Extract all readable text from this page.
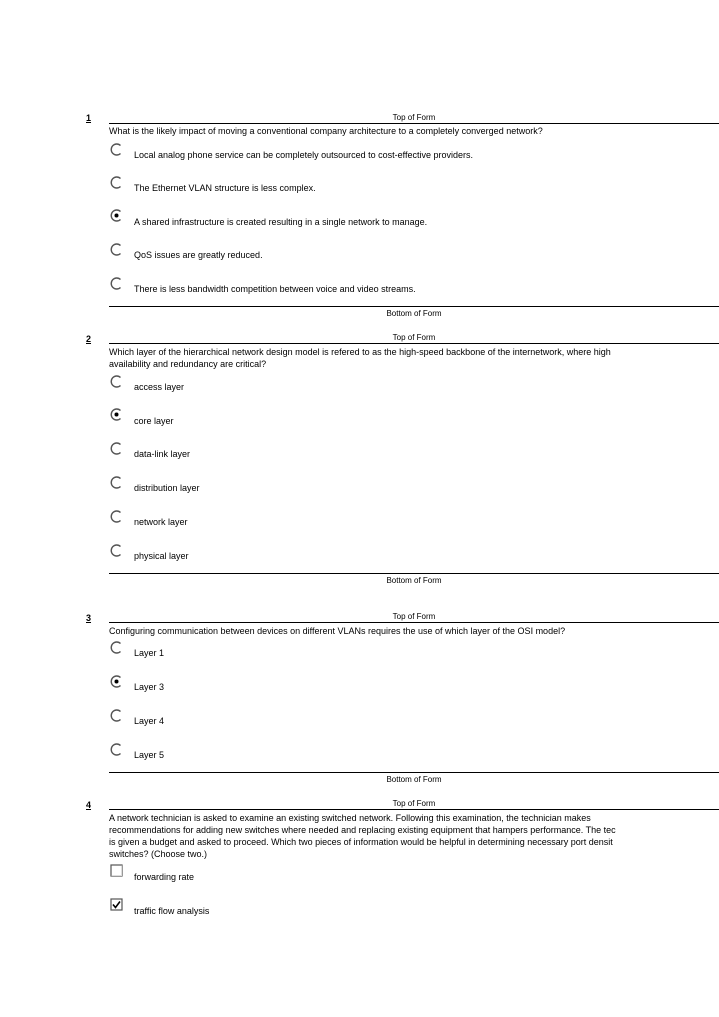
1	Top of Form
What is the likely impact of moving a conventional company architecture to a completely converged network?
Local analog phone service can be completely outsourced to cost-effective providers.
The Ethernet VLAN structure is less complex.
A shared infrastructure is created resulting in a single network to manage.
QoS issues are greatly reduced.
There is less bandwidth competition between voice and video streams.
Bottom of Form
2	Top of Form
Which layer of the hierarchical network design model is refered to as the high-speed backbone of the internetwork, where high
availability and redundancy are critical?
access layer
core layer
data-link layer
distribution layer
network layer
physical layer
Bottom of Form
3	Top of Form
Configuring communication between devices on different VLANs requires the use of which layer of the OSI model?
Layer 1
Layer 3
Layer 4
Layer 5
Bottom of Form
4	Top of Form
A network technician is asked to examine an existing switched network. Following this examination, the technician makes
recommendations for adding new switches where needed and replacing existing equipment that hampers performance. The tec
is given a budget and asked to proceed. Which two pieces of information would be helpful in determining necessary port densit
switches? (Choose two.)
forwarding rate
traffic flow analysis
